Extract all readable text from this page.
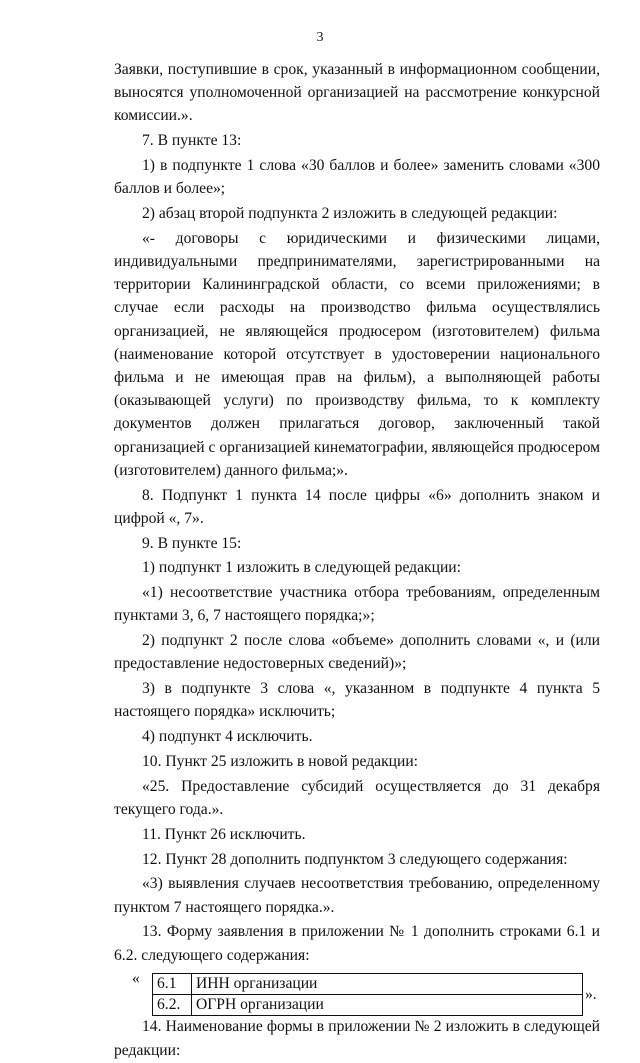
3

Заявки, поступившие в срок, указанный в информационном сообщении, выносятся уполномоченной организацией на рассмотрение конкурсной комиссии.».

7. В пункте 13:

1) в подпункте 1 слова «30 баллов и более» заменить словами «300 баллов и более»;

2) абзац второй подпункта 2 изложить в следующей редакции:

«- договоры с юридическими и физическими лицами, индивидуальными предпринимателями, зарегистрированными на территории Калининградской области, со всеми приложениями; в случае если расходы на производство фильма осуществлялись организацией, не являющейся продюсером (изготовителем) фильма (наименование которой отсутствует в удостоверении национального фильма и не имеющая прав на фильм), а выполняющей работы (оказывающей услуги) по производству фильма, то к комплекту документов должен прилагаться договор, заключенный такой организацией с организацией кинематографии, являющейся продюсером (изготовителем) данного фильма;».

8. Подпункт 1 пункта 14 после цифры «6» дополнить знаком и цифрой «, 7».

9. В пункте 15:

1) подпункт 1 изложить в следующей редакции:

«1) несоответствие участника отбора требованиям, определенным пунктами 3, 6, 7 настоящего порядка;»;

2) подпункт 2 после слова «объеме» дополнить словами «, и (или предоставление недостоверных сведений)»;

3) в подпункте 3 слова «, указанном в подпункте 4 пункта 5 настоящего порядка» исключить;

4) подпункт 4 исключить.

10. Пункт 25 изложить в новой редакции:

«25. Предоставление субсидий осуществляется до 31 декабря текущего года.».

11. Пункт 26 исключить.

12. Пункт 28 дополнить подпунктом 3 следующего содержания:

«3) выявления случаев несоответствия требованию, определенному пунктом 7 настоящего порядка.».

13. Форму заявления в приложении № 1 дополнить строками 6.1 и 6.2. следующего содержания:

« 6.1	ИНН организации
6.2.	ОГРН организации
».

14. Наименование формы в приложении № 2 изложить в следующей редакции:
